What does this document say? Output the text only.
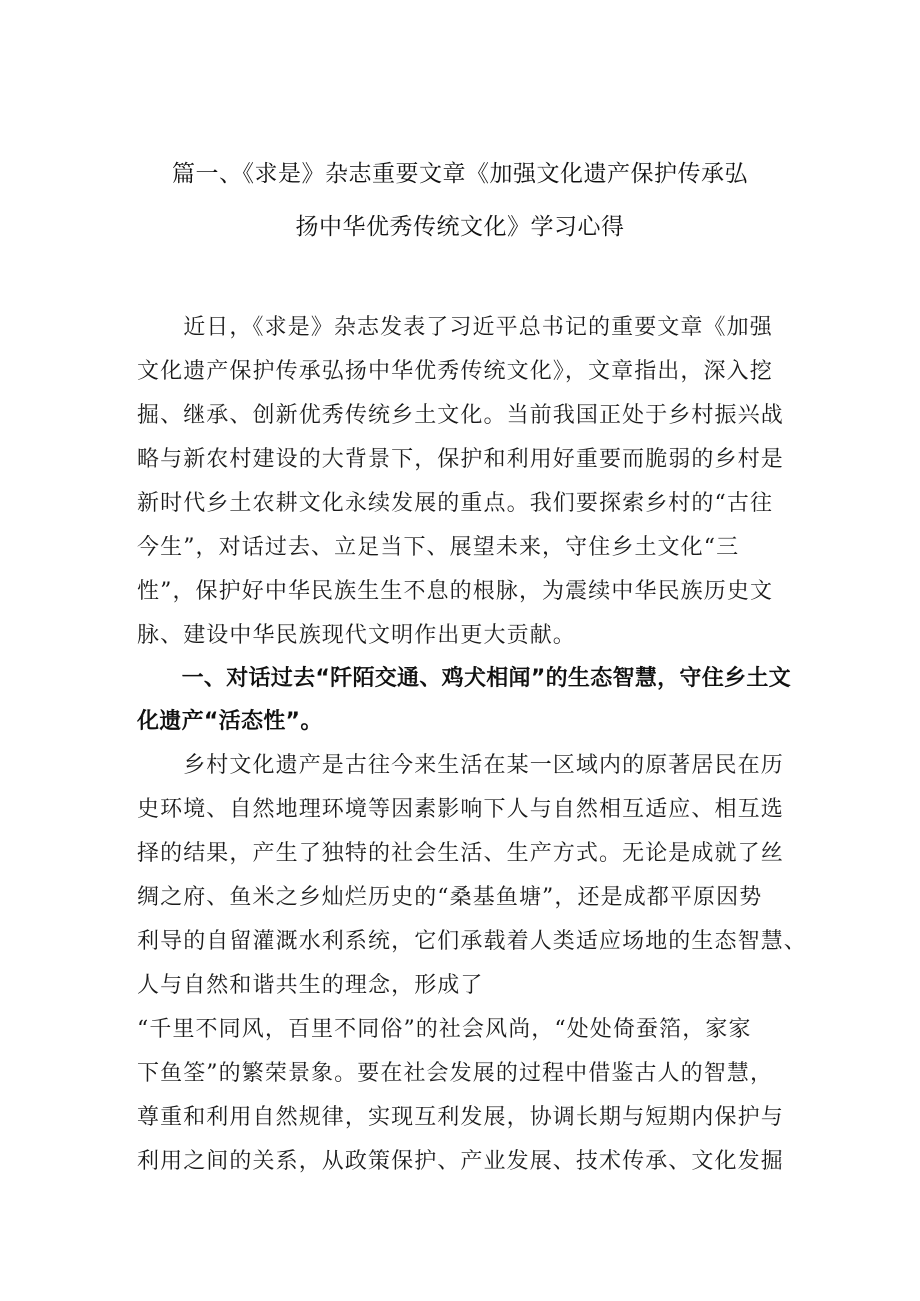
篇一、《求是》杂志重要文章《加强文化遗产保护传承弘
扬中华优秀传统文化》学习心得
　　近日，《求是》杂志发表了习近平总书记的重要文章《加强
文化遗产保护传承弘扬中华优秀传统文化》，文章指出，深入挖
掘、继承、创新优秀传统乡土文化。当前我国正处于乡村振兴战
略与新农村建设的大背景下，保护和利用好重要而脆弱的乡村是
新时代乡土农耕文化永续发展的重点。我们要探索乡村的“古往
今生”，对话过去、立足当下、展望未来，守住乡土文化“三
性”，保护好中华民族生生不息的根脉，为震续中华民族历史文
脉、建设中华民族现代文明作出更大贡献。
　　一、对话过去“阡陌交通、鸡犬相闻”的生态智慧，守住乡土文
化遗产“活态性”。
　　乡村文化遗产是古往今来生活在某一区域内的原著居民在历
史环境、自然地理环境等因素影响下人与自然相互适应、相互选
择的结果，产生了独特的社会生活、生产方式。无论是成就了丝
绸之府、鱼米之乡灿烂历史的“桑基鱼塘”，还是成都平原因势
利导的自留灌溉水利系统，它们承载着人类适应场地的生态智慧、
人与自然和谐共生的理念，形成了
“千里不同风，百里不同俗”的社会风尚，“处处倚蚕箔，家家
下鱼筌”的繁荣景象。要在社会发展的过程中借鉴古人的智慧，
尊重和利用自然规律，实现互利发展，协调长期与短期内保护与
利用之间的关系，从政策保护、产业发展、技术传承、文化发掘
